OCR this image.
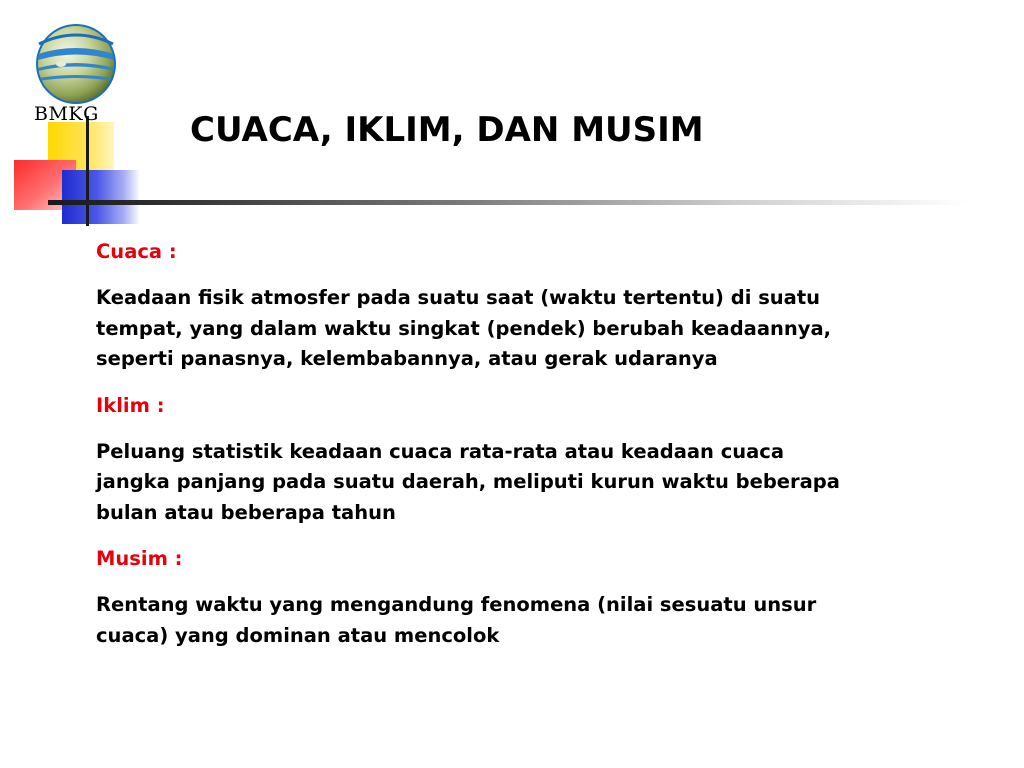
BMKG	CUACA, IKLIM, DAN MUSIM
Cuaca :
Keadaan fisik atmosfer pada suatu saat (waktu tertentu) di suatu
tempat, yang dalam waktu singkat (pendek) berubah keadaannya,
seperti panasnya, kelembabannya, atau gerak udaranya
Iklim :
Peluang statistik keadaan cuaca rata-rata atau keadaan cuaca
jangka panjang pada suatu daerah, meliputi kurun waktu beberapa
bulan atau beberapa tahun
Musim :
Rentang waktu yang mengandung fenomena (nilai sesuatu unsur
cuaca) yang dominan atau mencolok
